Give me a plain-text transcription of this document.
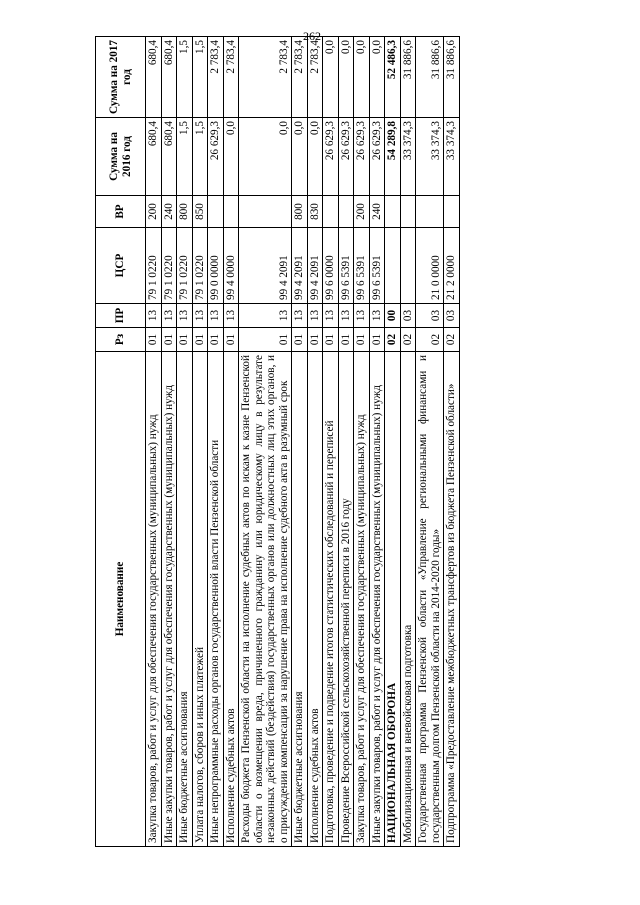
262
Наименование	Рз	ПР	ЦСР	ВР	Сумма на 2016 год	Сумма на 2017 год
Закупка товаров, работ и услуг для обеспечения государственных (муниципальных) нужд	01	13	79 1 0220	200	680,4	680,4
Иные закупки товаров, работ и услуг для обеспечения государственных (муниципальных) нужд	01	13	79 1 0220	240	680,4	680,4
Иные бюджетные ассигнования	01	13	79 1 0220	800	1,5	1,5
Уплата налогов, сборов и иных платежей	01	13	79 1 0220	850	1,5	1,5
Иные непрограммные расходы органов государственной власти Пензенской области	01	13	99 0 0000		26 629,3	2 783,4
Исполнение судебных актов	01	13	99 4 0000		0,0	2 783,4
Расходы бюджета Пензенской области на исполнение судебных актов по искам к казне Пензенской области о возмещении вреда, причиненного гражданину или юридическому лицу в результате незаконных действий (бездействия) государственных органов или должностных лиц этих органов, и о присуждении компенсации за нарушение права на исполнение судебного акта в разумный срок	01	13	99 4 2091		0,0	2 783,4
Иные бюджетные ассигнования	01	13	99 4 2091	800	0,0	2 783,4
Исполнение судебных актов	01	13	99 4 2091	830	0,0	2 783,4
Подготовка, проведение и подведение итогов статистических обследований и переписей	01	13	99 6 0000		26 629,3	0,0
Проведение Всероссийской сельскохозяйственной переписи в 2016 году	01	13	99 6 5391		26 629,3	0,0
Закупка товаров, работ и услуг для обеспечения государственных (муниципальных) нужд	01	13	99 6 5391	200	26 629,3	0,0
Иные закупки товаров, работ и услуг для обеспечения государственных (муниципальных) нужд	01	13	99 6 5391	240	26 629,3	0,0
НАЦИОНАЛЬНАЯ ОБОРОНА	02	00			54 289,8	52 486,3
Мобилизационная и вневойсковая подготовка	02	03			33 374,3	31 886,6
Государственная программа Пензенской области «Управление региональными финансами и государственным долгом Пензенской области на 2014-2020 годы»	02	03	21 0 0000		33 374,3	31 886,6
Подпрограмма «Предоставление межбюджетных трансфертов из бюджета Пензенской области»	02	03	21 2 0000		33 374,3	31 886,6
